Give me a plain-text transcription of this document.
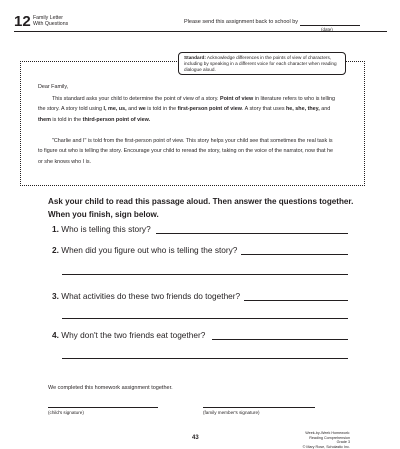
12 Family Letter
With Questions	Please send this assignment back to school by
(date)
Standard: Acknowledge differences in the points of view of characters, including by speaking in a different voice for each character when reading dialogue aloud.
Dear Family,

This standard asks your child to determine the point of view of a story. Point of view in literature refers to who is telling the story. A story told using I, me, us, and we is told in the first-person point of view. A story that uses he, she, they, and them is told in the third-person point of view.

"Charlie and I" is told from the first-person point of view. This story helps your child see that sometimes the real task is to figure out who is telling the story. Encourage your child to reread the story, taking on the voice of the narrator, now that he or she knows who I is.

Ask your child to read this passage aloud. Then answer the questions together. When you finish, sign below.
1. Who is telling this story?
2. When did you figure out who is telling the story?
3. What activities do these two friends do together?
4. Why don't the two friends eat together?
We completed this homework assignment together.
(child's signature)	(family member's signature)
43
Week-by-Week Homework: Reading Comprehension Grade 3
© Mary Rose, Scholastic Inc.
